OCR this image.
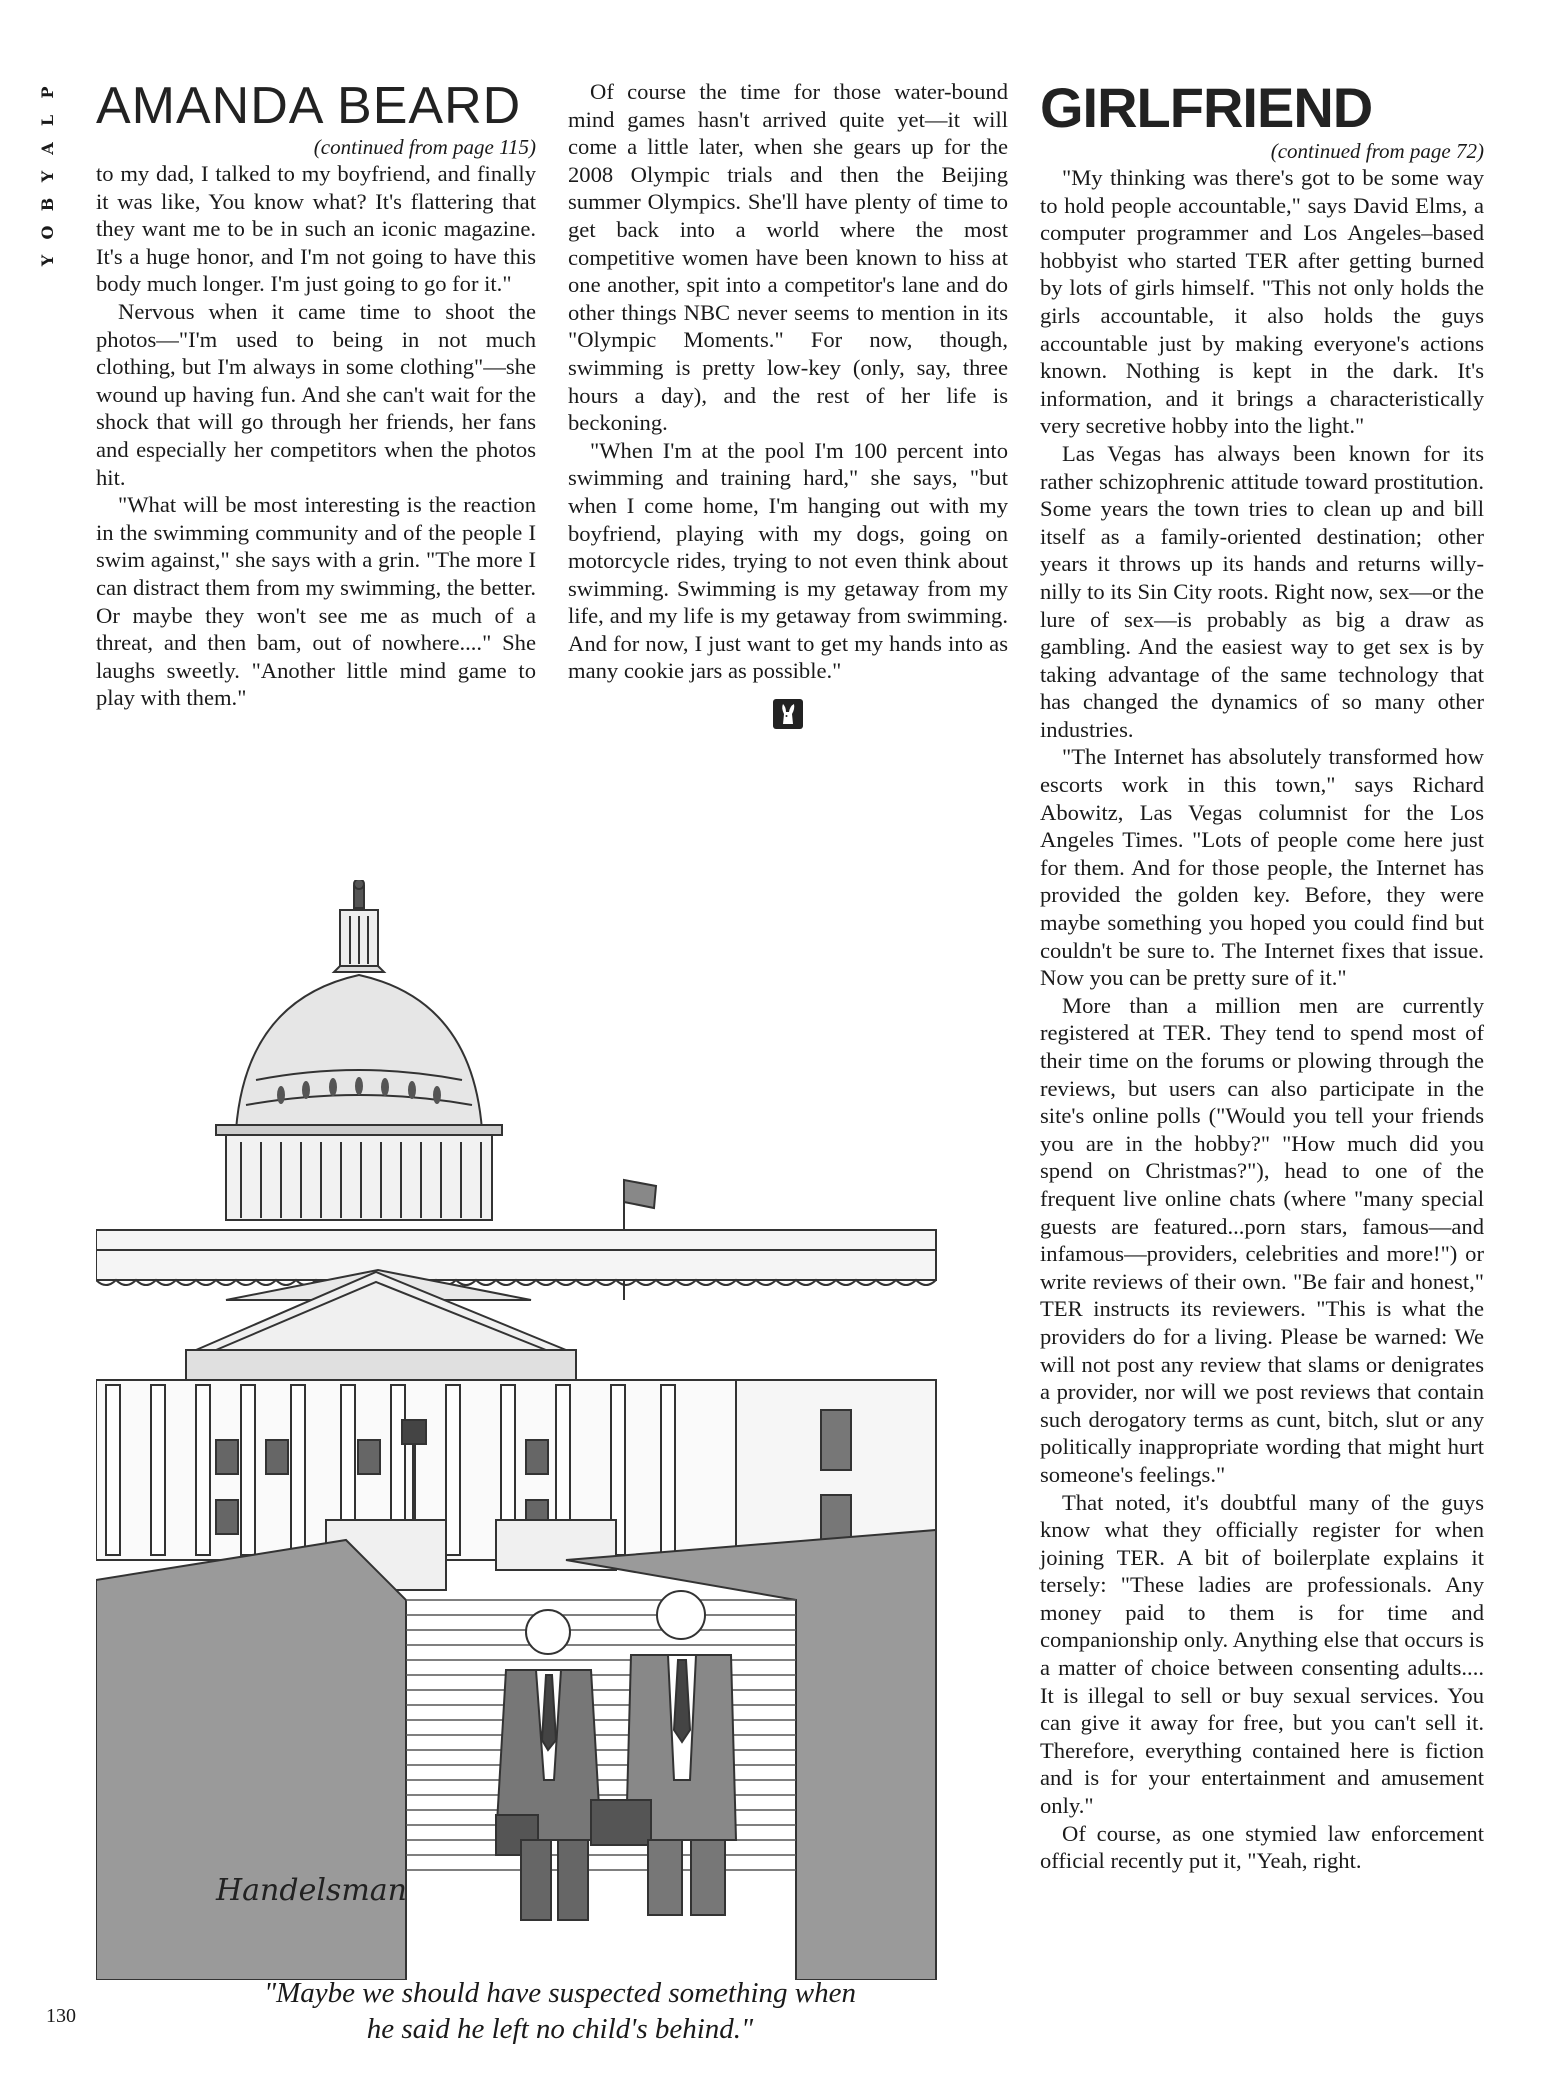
P
L
A
Y
B
O
Y
AMANDA BEARD

(continued from page 115)

to my dad, I talked to my boyfriend, and finally it was like, You know what? It's flattering that they want me to be in such an iconic magazine. It's a huge honor, and I'm not going to have this body much longer. I'm just going to go for it."

Nervous when it came time to shoot the photos—"I'm used to being in not much clothing, but I'm always in some clothing"—she wound up having fun. And she can't wait for the shock that will go through her friends, her fans and especially her competitors when the photos hit.

"What will be most interesting is the reaction in the swimming community and of the people I swim against," she says with a grin. "The more I can distract them from my swimming, the better. Or maybe they won't see me as much of a threat, and then bam, out of nowhere...." She laughs sweetly. "Another little mind game to play with them."

Of course the time for those water-bound mind games hasn't arrived quite yet—it will come a little later, when she gears up for the 2008 Olympic trials and then the Beijing summer Olympics. She'll have plenty of time to get back into a world where the most competitive women have been known to hiss at one another, spit into a competitor's lane and do other things NBC never seems to mention in its "Olympic Moments." For now, though, swimming is pretty low-key (only, say, three hours a day), and the rest of her life is beckoning.

"When I'm at the pool I'm 100 percent into swimming and training hard," she says, "but when I come home, I'm hanging out with my boyfriend, playing with my dogs, going on motorcycle rides, trying to not even think about swimming. Swimming is my getaway from my life, and my life is my getaway from swimming. And for now, I just want to get my hands into as many cookie jars as possible."

GIRLFRIEND

(continued from page 72)

"My thinking was there's got to be some way to hold people accountable," says David Elms, a computer programmer and Los Angeles–based hobbyist who started TER after getting burned by lots of girls himself. "This not only holds the girls accountable, it also holds the guys accountable just by making everyone's actions known. Nothing is kept in the dark. It's information, and it brings a characteristically very secretive hobby into the light."

Las Vegas has always been known for its rather schizophrenic attitude toward prostitution. Some years the town tries to clean up and bill itself as a family-oriented destination; other years it throws up its hands and returns willy-nilly to its Sin City roots. Right now, sex—or the lure of sex—is probably as big a draw as gambling. And the easiest way to get sex is by taking advantage of the same technology that has changed the dynamics of so many other industries.

"The Internet has absolutely transformed how escorts work in this town," says Richard Abowitz, Las Vegas columnist for the Los Angeles Times. "Lots of people come here just for them. And for those people, the Internet has provided the golden key. Before, they were maybe something you hoped you could find but couldn't be sure to. The Internet fixes that issue. Now you can be pretty sure of it."

More than a million men are currently registered at TER. They tend to spend most of their time on the forums or plowing through the reviews, but users can also participate in the site's online polls ("Would you tell your friends you are in the hobby?" "How much did you spend on Christmas?"), head to one of the frequent live online chats (where "many special guests are featured...porn stars, famous—and infamous—providers, celebrities and more!") or write reviews of their own. "Be fair and honest," TER instructs its reviewers. "This is what the providers do for a living. Please be warned: We will not post any review that slams or denigrates a provider, nor will we post reviews that contain such derogatory terms as cunt, bitch, slut or any politically inappropriate wording that might hurt someone's feelings."

That noted, it's doubtful many of the guys know what they officially register for when joining TER. A bit of boilerplate explains it tersely: "These ladies are professionals. Any money paid to them is for time and companionship only. Anything else that occurs is a matter of choice between consenting adults.... It is illegal to sell or buy sexual services. You can give it away for free, but you can't sell it. Therefore, everything contained here is fiction and is for your entertainment and amusement only."

Of course, as one stymied law enforcement official recently put it, "Yeah, right.

Handelsman
"Maybe we should have suspected something when
he said he left no child's behind."
130
